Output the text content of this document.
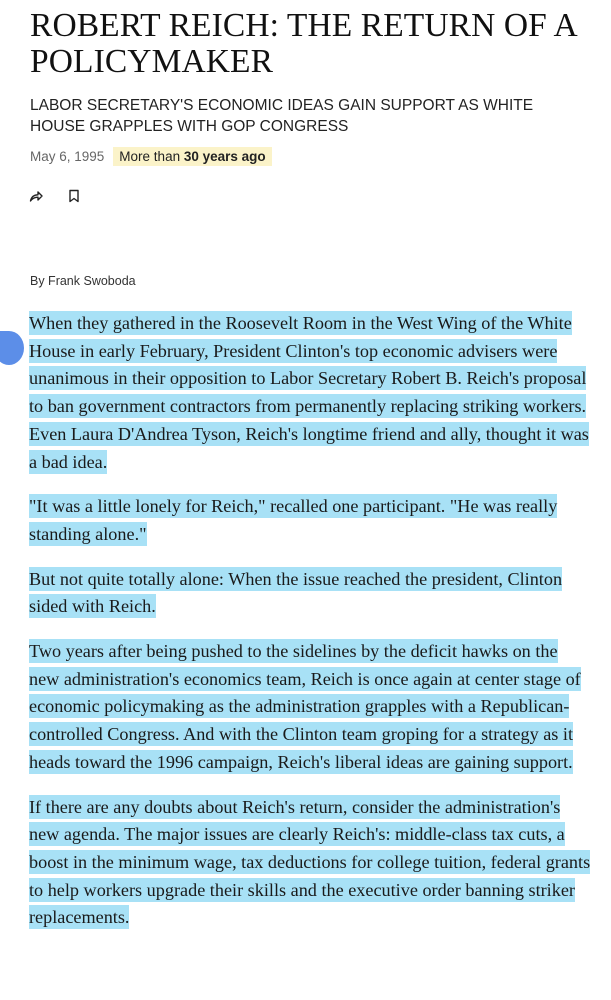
ROBERT REICH: THE RETURN OF A POLICYMAKER
LABOR SECRETARY'S ECONOMIC IDEAS GAIN SUPPORT AS WHITE HOUSE GRAPPLES WITH GOP CONGRESS
May 6, 1995	More than 30 years ago
By Frank Swoboda

When they gathered in the Roosevelt Room in the West Wing of the White House in early February, President Clinton's top economic advisers were unanimous in their opposition to Labor Secretary Robert B. Reich's proposal to ban government contractors from permanently replacing striking workers. Even Laura D'Andrea Tyson, Reich's longtime friend and ally, thought it was a bad idea.

"It was a little lonely for Reich," recalled one participant. "He was really standing alone."

But not quite totally alone: When the issue reached the president, Clinton sided with Reich.

Two years after being pushed to the sidelines by the deficit hawks on the new administration's economics team, Reich is once again at center stage of economic policymaking as the administration grapples with a Republican-controlled Congress. And with the Clinton team groping for a strategy as it heads toward the 1996 campaign, Reich's liberal ideas are gaining support.

If there are any doubts about Reich's return, consider the administration's new agenda. The major issues are clearly Reich's: middle-class tax cuts, a boost in the minimum wage, tax deductions for college tuition, federal grants to help workers upgrade their skills and the executive order banning striker replacements.
